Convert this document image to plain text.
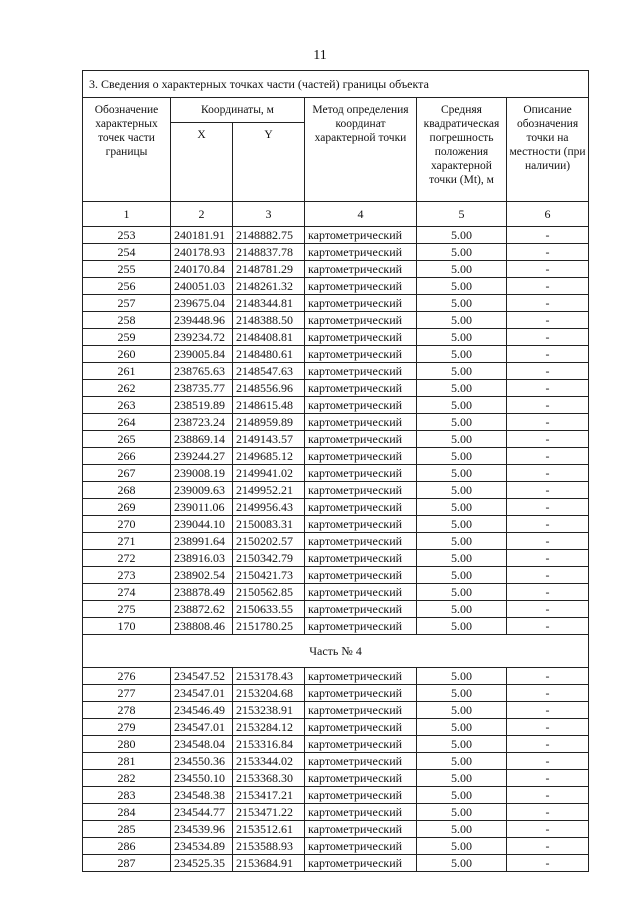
11
3. Сведения о характерных точках части (частей) границы объекта					
Обозначение характерных точек части границы	Координаты, м		Метод определения координат характерной точки	Средняя квадратическая погрешность положения характерной точки (Mt), м	Описание обозначения точки на местности (при наличии)
	X	Y			
1	2	3	4	5	6
253	240181.91	2148882.75	картометрический	5.00	-
254	240178.93	2148837.78	картометрический	5.00	-
255	240170.84	2148781.29	картометрический	5.00	-
256	240051.03	2148261.32	картометрический	5.00	-
257	239675.04	2148344.81	картометрический	5.00	-
258	239448.96	2148388.50	картометрический	5.00	-
259	239234.72	2148408.81	картометрический	5.00	-
260	239005.84	2148480.61	картометрический	5.00	-
261	238765.63	2148547.63	картометрический	5.00	-
262	238735.77	2148556.96	картометрический	5.00	-
263	238519.89	2148615.48	картометрический	5.00	-
264	238723.24	2148959.89	картометрический	5.00	-
265	238869.14	2149143.57	картометрический	5.00	-
266	239244.27	2149685.12	картометрический	5.00	-
267	239008.19	2149941.02	картометрический	5.00	-
268	239009.63	2149952.21	картометрический	5.00	-
269	239011.06	2149956.43	картометрический	5.00	-
270	239044.10	2150083.31	картометрический	5.00	-
271	238991.64	2150202.57	картометрический	5.00	-
272	238916.03	2150342.79	картометрический	5.00	-
273	238902.54	2150421.73	картометрический	5.00	-
274	238878.49	2150562.85	картометрический	5.00	-
275	238872.62	2150633.55	картометрический	5.00	-
170	238808.46	2151780.25	картометрический	5.00	-
Часть № 4					
276	234547.52	2153178.43	картометрический	5.00	-
277	234547.01	2153204.68	картометрический	5.00	-
278	234546.49	2153238.91	картометрический	5.00	-
279	234547.01	2153284.12	картометрический	5.00	-
280	234548.04	2153316.84	картометрический	5.00	-
281	234550.36	2153344.02	картометрический	5.00	-
282	234550.10	2153368.30	картометрический	5.00	-
283	234548.38	2153417.21	картометрический	5.00	-
284	234544.77	2153471.22	картометрический	5.00	-
285	234539.96	2153512.61	картометрический	5.00	-
286	234534.89	2153588.93	картометрический	5.00	-
287	234525.35	2153684.91	картометрический	5.00	-
